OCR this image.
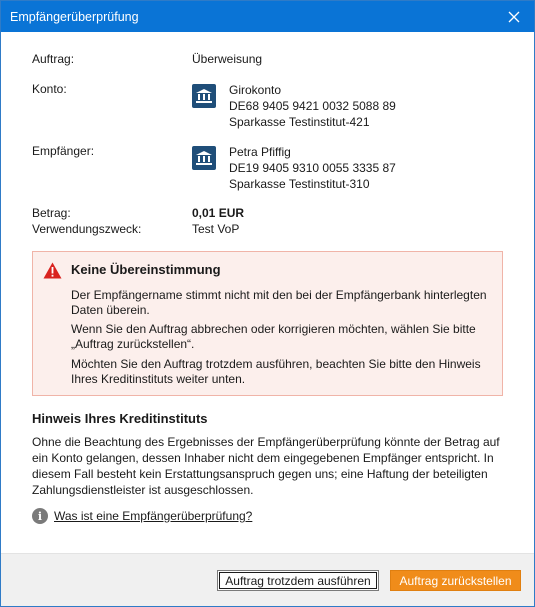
Empfängerüberprüfung
Auftrag:	Überweisung
Konto:	Girokonto
DE68 9405 9421 0032 5088 89
Sparkasse Testinstitut-421
Empfänger:	Petra Pfiffig
DE19 9405 9310 0055 3335 87
Sparkasse Testinstitut-310
Betrag:	0,01 EUR
Verwendungszweck:	Test VoP
Keine Übereinstimmung
Der Empfängername stimmt nicht mit den bei der Empfängerbank hinterlegten Daten überein.
Wenn Sie den Auftrag abbrechen oder korrigieren möchten, wählen Sie bitte „Auftrag zurückstellen“.
Möchten Sie den Auftrag trotzdem ausführen, beachten Sie bitte den Hinweis Ihres Kreditinstituts weiter unten.
Hinweis Ihres Kreditinstituts
Ohne die Beachtung des Ergebnisses der Empfängerüberprüfung könnte der Betrag auf ein Konto gelangen, dessen Inhaber nicht dem eingegebenen Empfänger entspricht. In diesem Fall besteht kein Erstattungsanspruch gegen uns; eine Haftung der beteiligten Zahlungsdienstleister ist ausgeschlossen.
i Was ist eine Empfängerüberprüfung?
Auftrag trotzdem ausführen	Auftrag zurückstellen
